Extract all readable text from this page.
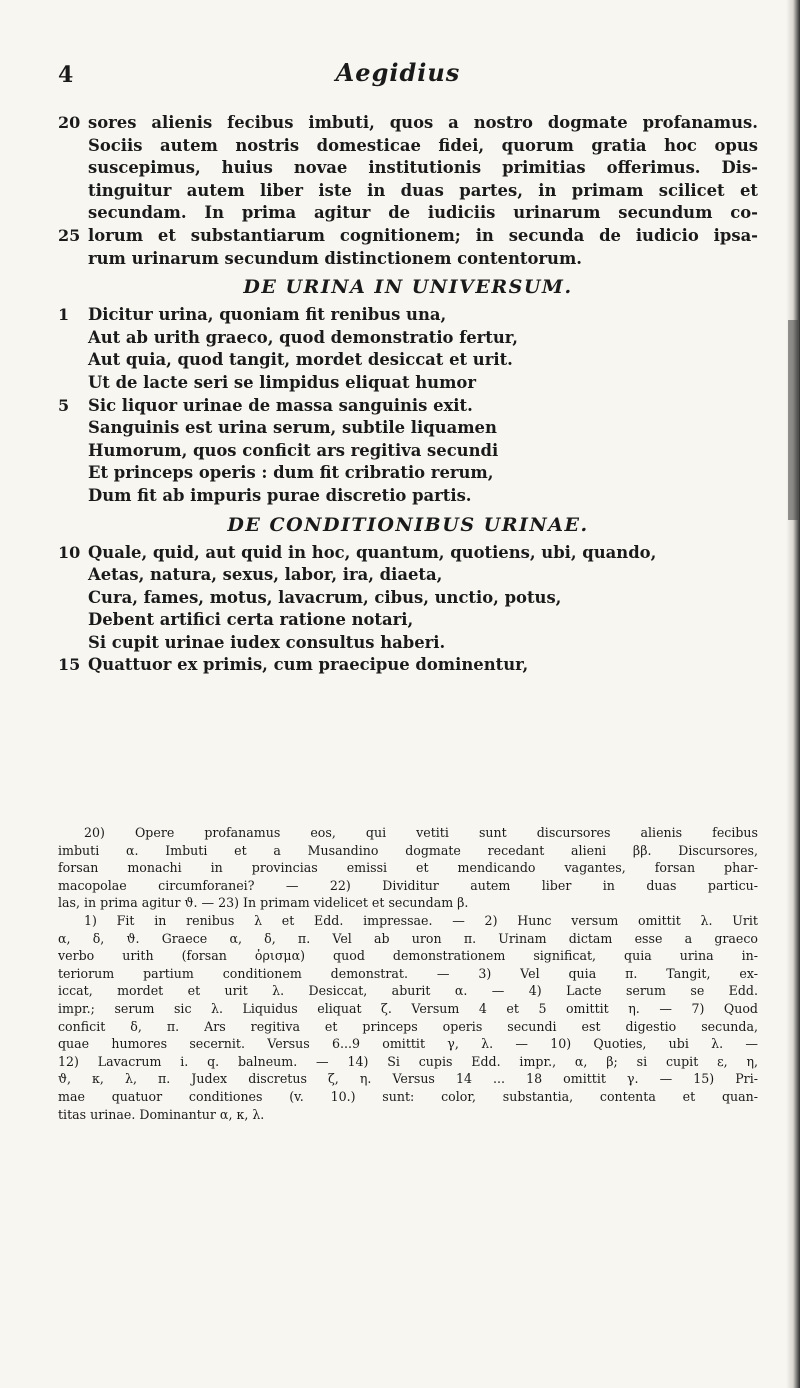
4	Aegidius
20 sores alienis fecibus imbuti, quos a nostro dogmate profanamus.
Sociis autem nostris domesticae fidei, quorum gratia hoc opus
suscepimus, huius novae institutionis primitias offerimus. Dis-
tinguitur autem liber iste in duas partes, in primam scilicet et
secundam. In prima agitur de iudiciis urinarum secundum co-
25 lorum et substantiarum cognitionem; in secunda de iudicio ipsa-
rum urinarum secundum distinctionem contentorum.
DE URINA IN UNIVERSUM.
1	Dicitur urina, quoniam fit renibus una,
Aut ab urith graeco, quod demonstratio fertur,
Aut quia, quod tangit, mordet desiccat et urit.
Ut de lacte seri se limpidus eliquat humor
5	Sic liquor urinae de massa sanguinis exit.
Sanguinis est urina serum, subtile liquamen
Humorum, quos conficit ars regitiva secundi
Et princeps operis : dum fit cribratio rerum,
Dum fit ab impuris purae discretio partis.
DE CONDITIONIBUS URINAE.
10 Quale, quid, aut quid in hoc, quantum, quotiens, ubi, quando,
Aetas, natura, sexus, labor, ira, diaeta,
Cura, fames, motus, lavacrum, cibus, unctio, potus,
Debent artifici certa ratione notari,
Si cupit urinae iudex consultus haberi.
15 Quattuor ex primis, cum praecipue dominentur,
20) Opere profanamus eos, qui vetiti sunt discursores alienis fecibus
imbuti α. Imbuti et a Musandino dogmate recedant alieni ββ. Discursores,
forsan monachi in provincias emissi et mendicando vagantes, forsan phar-
macopolae circumforanei? — 22) Dividitur autem liber in duas particu-
las, in prima agitur ϑ. — 23) In primam videlicet et secundam β.
1) Fit in renibus λ et Edd. impressae. — 2) Hunc versum omittit λ. Urit
α, δ, ϑ. Graece α, δ, π. Vel ab uron π. Urinam dictam esse a graeco
verbo urith (forsan ὁρισμα) quod demonstrationem significat, quia urina in-
teriorum partium conditionem demonstrat. — 3) Vel quia π. Tangit, ex-
iccat, mordet et urit λ. Desiccat, aburit α. — 4) Lacte serum se Edd.
impr.; serum sic λ. Liquidus eliquat ζ. Versum 4 et 5 omittit η. — 7) Quod
conficit δ, π. Ars regitiva et princeps operis secundi est digestio secunda,
quae humores secernit. Versus 6...9 omittit γ, λ. — 10) Quoties, ubi λ. —
12) Lavacrum i. q. balneum. — 14) Si cupis Edd. impr., α, β; si cupit ε, η,
ϑ, κ, λ, π. Judex discretus ζ, η. Versus 14 ... 18 omittit γ. — 15) Pri-
mae quatuor conditiones (v. 10.) sunt: color, substantia, contenta et quan-
titas urinae. Dominantur α, κ, λ.
